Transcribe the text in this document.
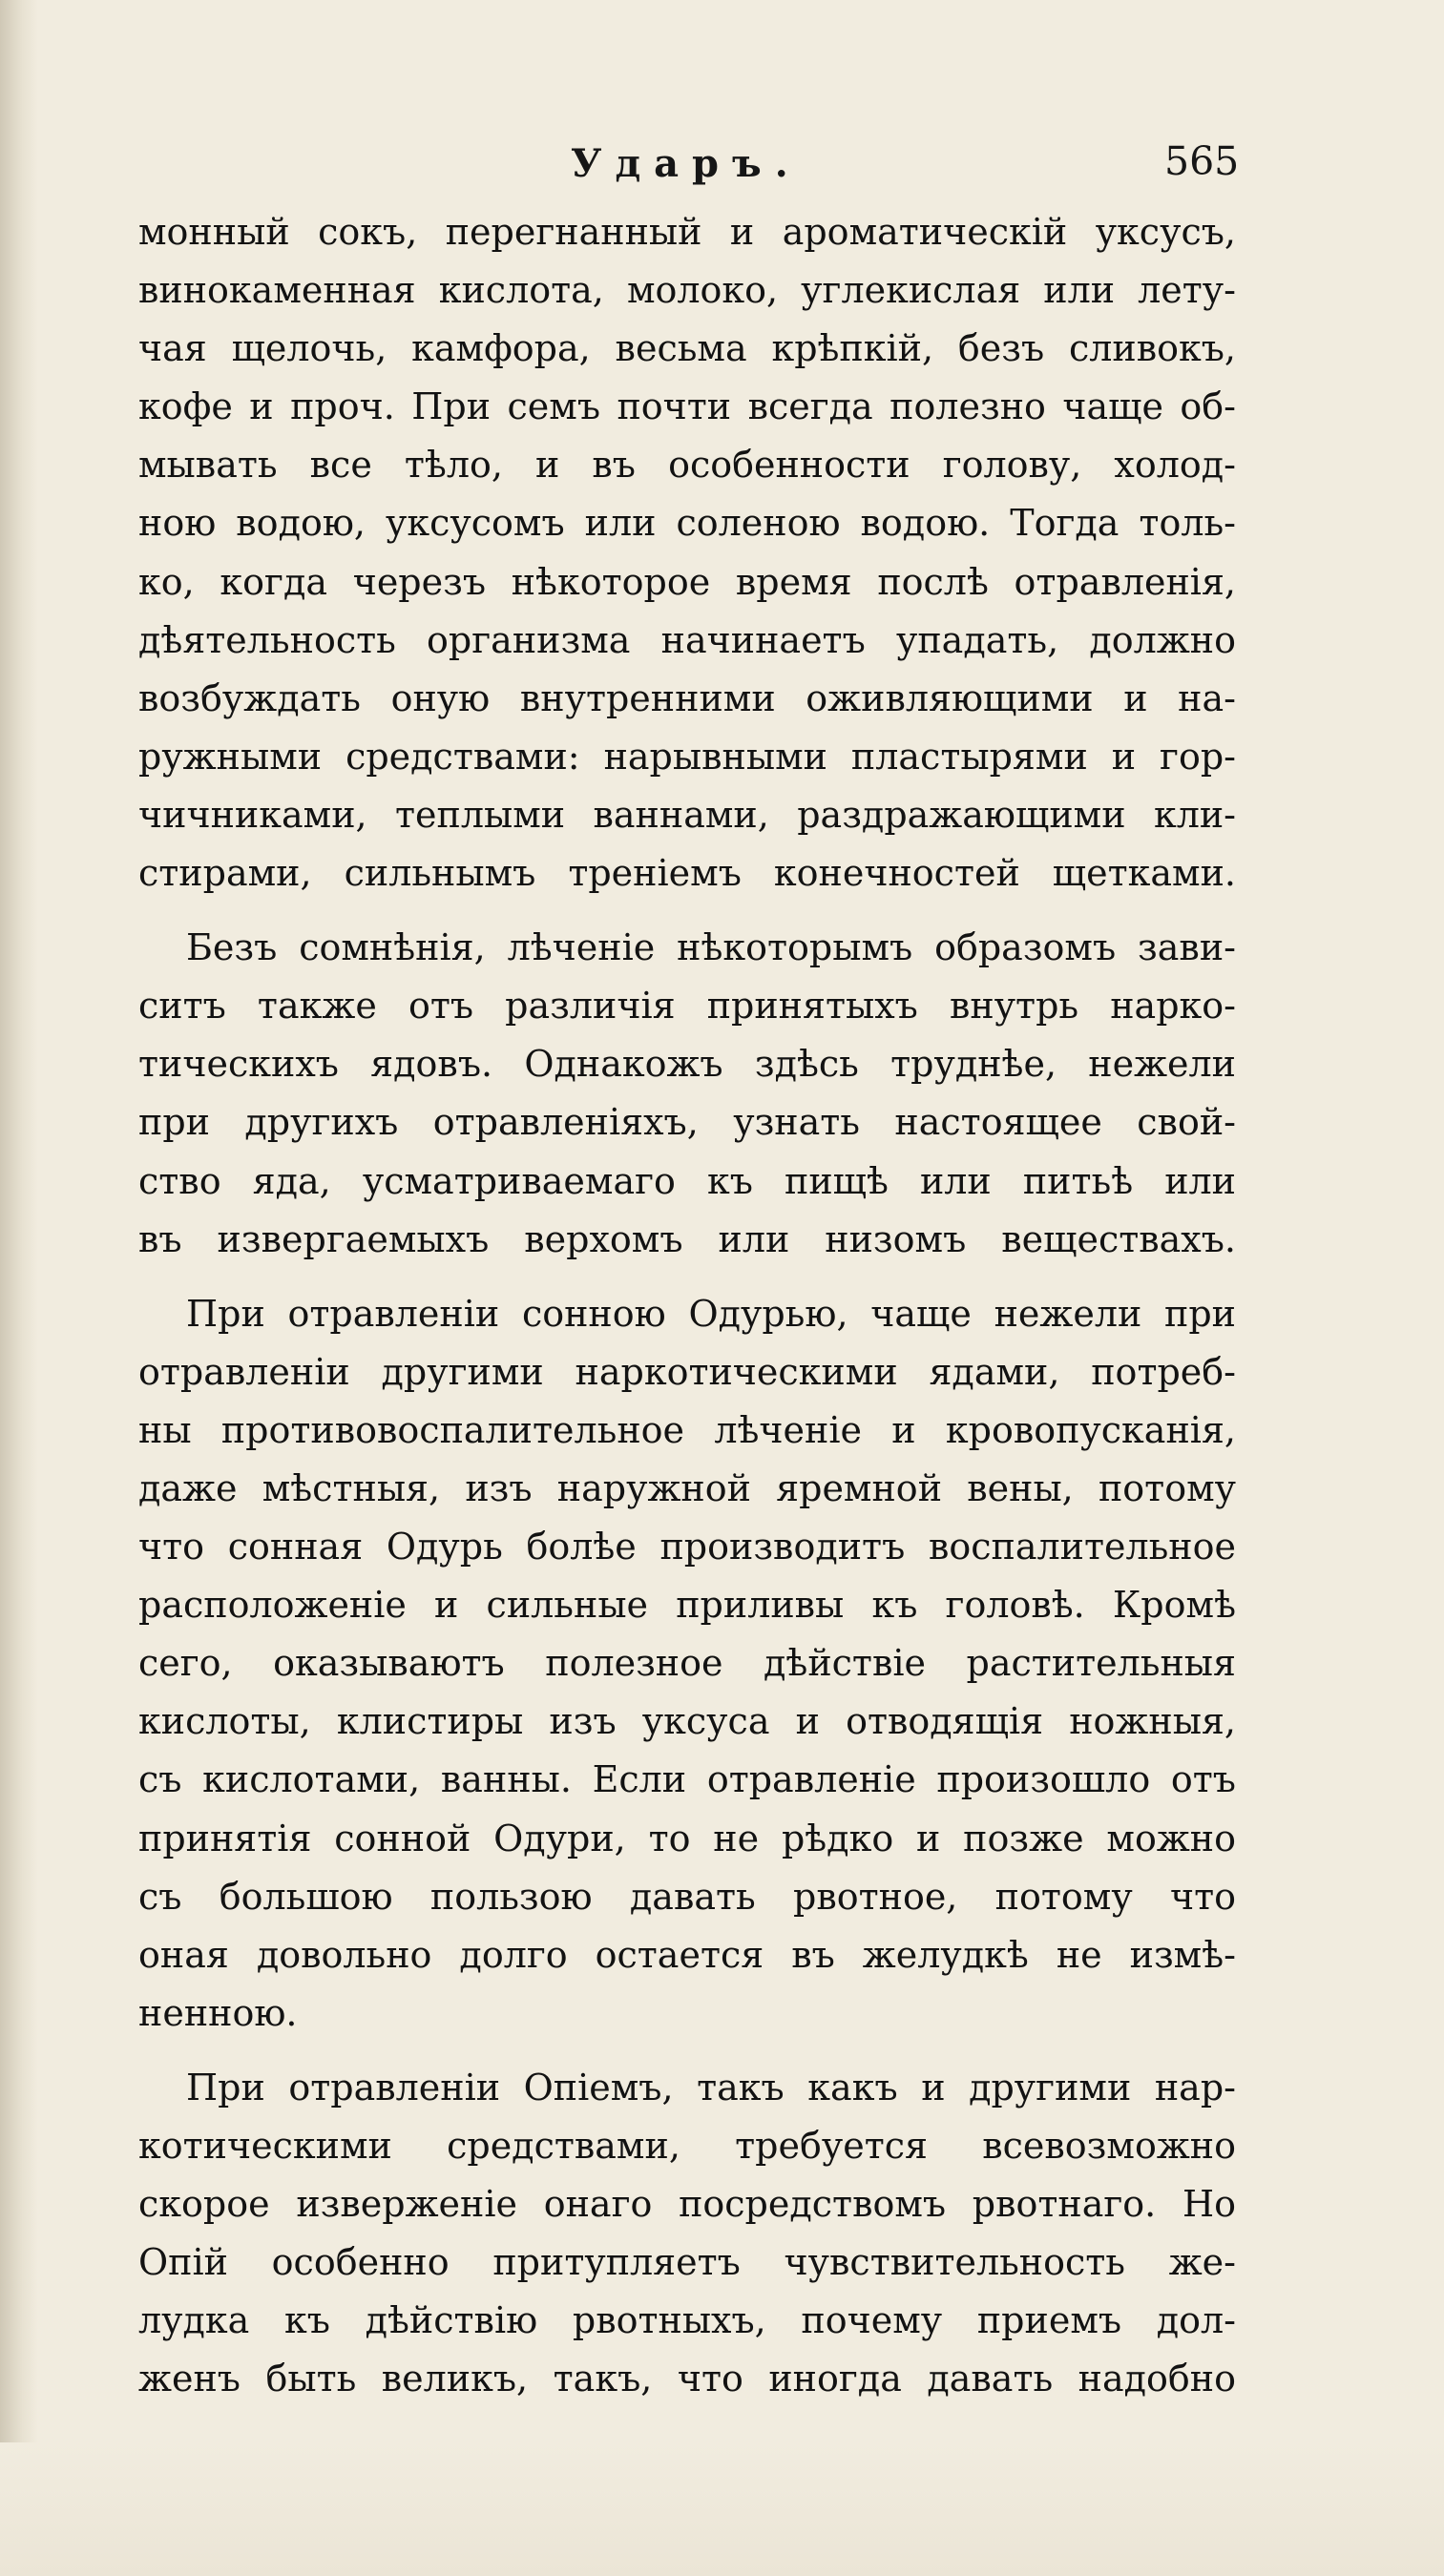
Ударъ.	565
монный сокъ, перегнанный и ароматическій уксусъ,
винокаменная кислота, молоко, углекислая или лету-
чая щелочь, камфора, весьма крѣпкій, безъ сливокъ,
кофе и проч. При семъ почти всегда полезно чаще об-
мывать все тѣло, и въ особенности голову, холод-
ною водою, уксусомъ или соленою водою. Тогда толь-
ко, когда черезъ нѣкоторое время послѣ отравленія,
дѣятельность организма начинаетъ упадать, должно
возбуждать оную внутренними оживляющими и на-
ружными средствами: нарывными пластырями и гор-
чичниками, теплыми ваннами, раздражающими кли-
стирами, сильнымъ треніемъ конечностей щетками.
Безъ сомнѣнія, лѣченіе нѣкоторымъ образомъ зави-
ситъ также отъ различія принятыхъ внутрь нарко-
тическихъ ядовъ. Однакожъ здѣсь труднѣе, нежели
при другихъ отравленіяхъ, узнать настоящее свой-
ство яда, усматриваемаго къ пищѣ или питьѣ или
въ извергаемыхъ верхомъ или низомъ веществахъ.
При отравленіи сонною Одурью, чаще нежели при
отравленіи другими наркотическими ядами, потреб-
ны противовоспалительное лѣченіе и кровопусканія,
даже мѣстныя, изъ наружной яремной вены, потому
что сонная Одурь болѣе производитъ воспалительное
расположеніе и сильные приливы къ головѣ. Кромѣ
сего, оказываютъ полезное дѣйствіе растительныя
кислоты, клистиры изъ уксуса и отводящія ножныя,
съ кислотами, ванны. Если отравленіе произошло отъ
принятія сонной Одури, то не рѣдко и позже можно
съ большою пользою давать рвотное, потому что
оная довольно долго остается въ желудкѣ не измѣ-
ненною.
При отравленіи Опіемъ, такъ какъ и другими нар-
котическими средствами, требуется всевозможно
скорое изверженіе онаго посредствомъ рвотнаго. Но
Опій особенно притупляетъ чувствительность же-
лудка къ дѣйствію рвотныхъ, почему приемъ дол-
женъ быть великъ, такъ, что иногда давать надобно
